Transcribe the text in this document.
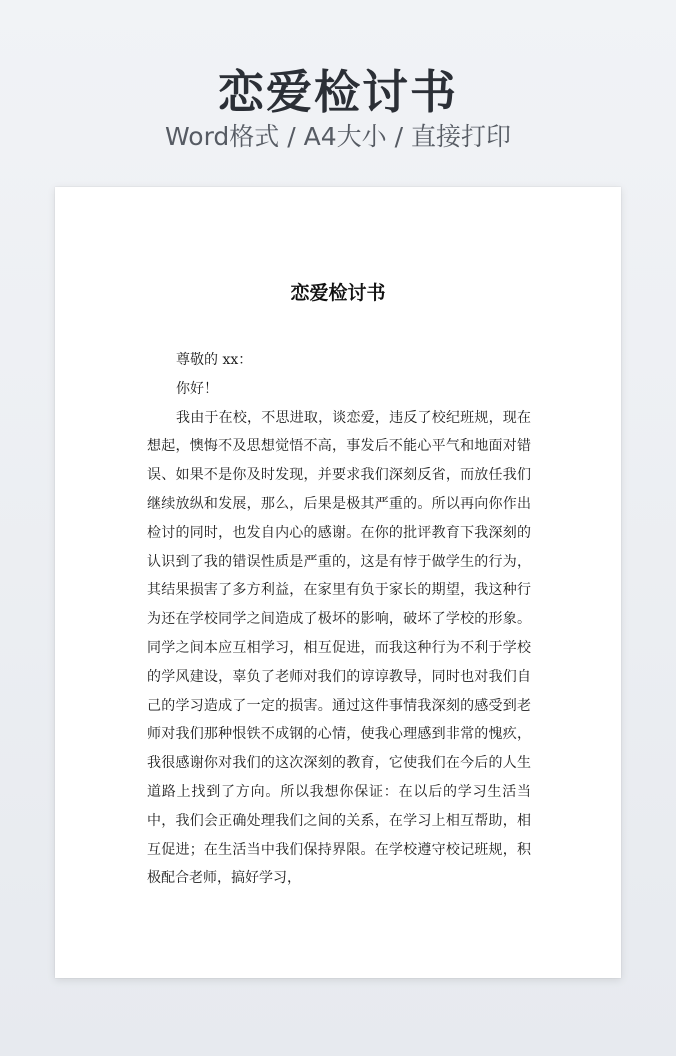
恋爱检讨书
Word格式 / A4大小 / 直接打印
恋爱检讨书

尊敬的 xx：

你好！

我由于在校，不思进取，谈恋爱，违反了校纪班规，现在想起，懊悔不及思想觉悟不高，事发后不能心平气和地面对错误、如果不是你及时发现，并要求我们深刻反省，而放任我们继续放纵和发展，那么，后果是极其严重的。所以再向你作出检讨的同时，也发自内心的感谢。在你的批评教育下我深刻的认识到了我的错误性质是严重的，这是有悖于做学生的行为，其结果损害了多方利益，在家里有负于家长的期望，我这种行为还在学校同学之间造成了极坏的影响，破坏了学校的形象。同学之间本应互相学习，相互促进，而我这种行为不利于学校的学风建设，辜负了老师对我们的谆谆教导，同时也对我们自己的学习造成了一定的损害。通过这件事情我深刻的感受到老师对我们那种恨铁不成钢的心情，使我心理感到非常的愧疚，我很感谢你对我们的这次深刻的教育，它使我们在今后的人生道路上找到了方向。所以我想你保证：在以后的学习生活当中，我们会正确处理我们之间的关系，在学习上相互帮助，相互促进；在生活当中我们保持界限。在学校遵守校记班规，积极配合老师，搞好学习，
